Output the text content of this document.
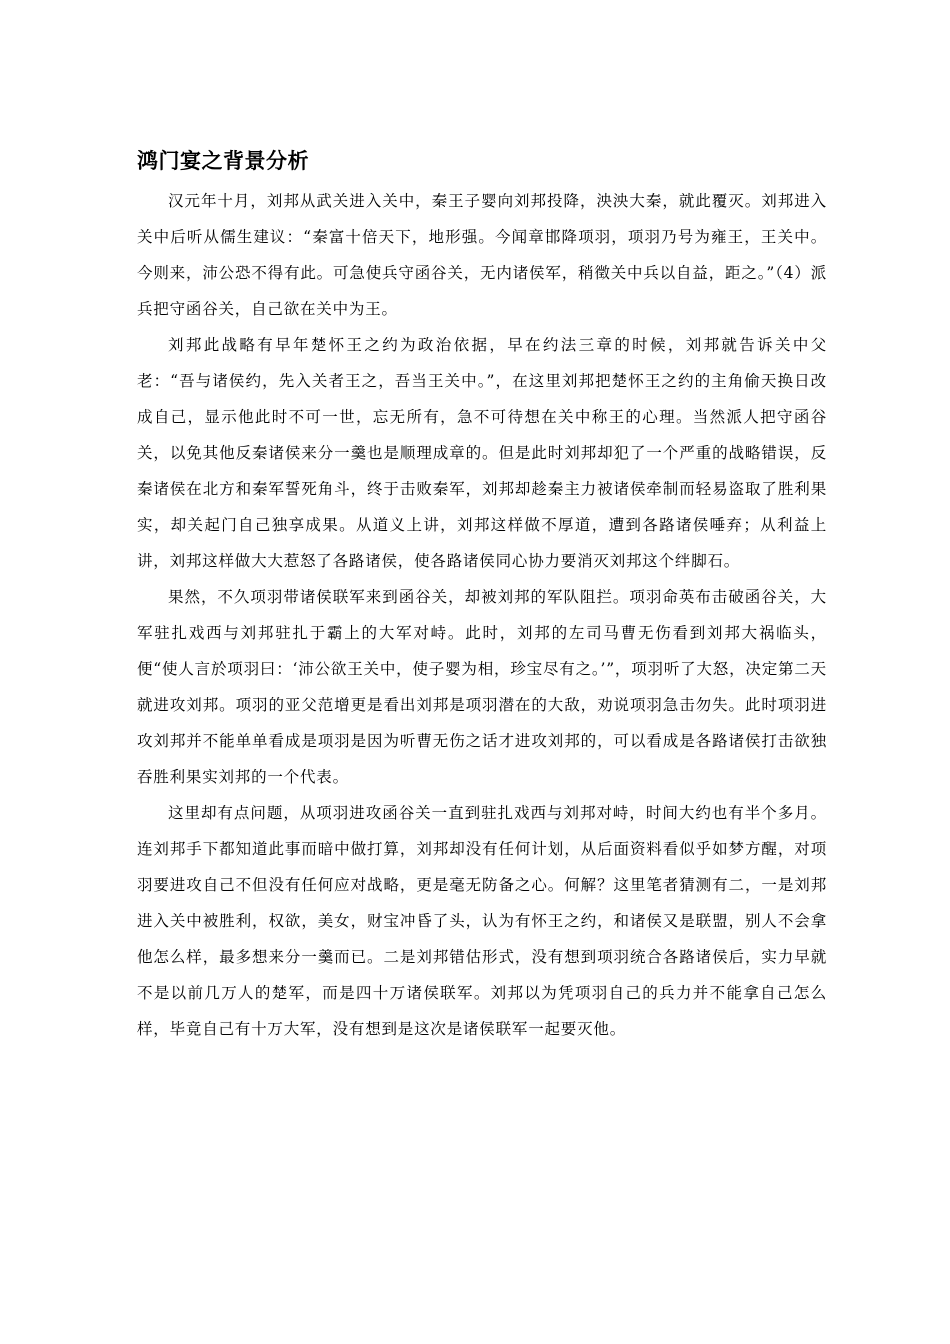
鸿门宴之背景分析

汉元年十月，刘邦从武关进入关中，秦王子婴向刘邦投降，泱泱大秦，就此覆灭。刘邦进入关中后听从儒生建议：“秦富十倍天下，地形强。今闻章邯降项羽，项羽乃号为雍王，王关中。今则来，沛公恐不得有此。可急使兵守函谷关，无内诸侯军，稍徵关中兵以自益，距之。”（4）派兵把守函谷关，自己欲在关中为王。

刘邦此战略有早年楚怀王之约为政治依据，早在约法三章的时候，刘邦就告诉关中父老：“吾与诸侯约，先入关者王之，吾当王关中。”，在这里刘邦把楚怀王之约的主角偷天换日改成自己，显示他此时不可一世，忘无所有，急不可待想在关中称王的心理。当然派人把守函谷关，以免其他反秦诸侯来分一羹也是顺理成章的。但是此时刘邦却犯了一个严重的战略错误，反秦诸侯在北方和秦军誓死角斗，终于击败秦军，刘邦却趁秦主力被诸侯牵制而轻易盗取了胜利果实，却关起门自己独享成果。从道义上讲，刘邦这样做不厚道，遭到各路诸侯唾弃；从利益上讲，刘邦这样做大大惹怒了各路诸侯，使各路诸侯同心协力要消灭刘邦这个绊脚石。

果然，不久项羽带诸侯联军来到函谷关，却被刘邦的军队阻拦。项羽命英布击破函谷关，大军驻扎戏西与刘邦驻扎于霸上的大军对峙。此时，刘邦的左司马曹无伤看到刘邦大祸临头，便“使人言於项羽曰：‘沛公欲王关中，使子婴为相，珍宝尽有之。’”，项羽听了大怒，决定第二天就进攻刘邦。项羽的亚父范增更是看出刘邦是项羽潜在的大敌，劝说项羽急击勿失。此时项羽进攻刘邦并不能单单看成是项羽是因为听曹无伤之话才进攻刘邦的，可以看成是各路诸侯打击欲独吞胜利果实刘邦的一个代表。

这里却有点问题，从项羽进攻函谷关一直到驻扎戏西与刘邦对峙，时间大约也有半个多月。连刘邦手下都知道此事而暗中做打算，刘邦却没有任何计划，从后面资料看似乎如梦方醒，对项羽要进攻自己不但没有任何应对战略，更是毫无防备之心。何解？这里笔者猜测有二，一是刘邦进入关中被胜利，权欲，美女，财宝冲昏了头，认为有怀王之约，和诸侯又是联盟，别人不会拿他怎么样，最多想来分一羹而已。二是刘邦错估形式，没有想到项羽统合各路诸侯后，实力早就不是以前几万人的楚军，而是四十万诸侯联军。刘邦以为凭项羽自己的兵力并不能拿自己怎么样，毕竟自己有十万大军，没有想到是这次是诸侯联军一起要灭他。
